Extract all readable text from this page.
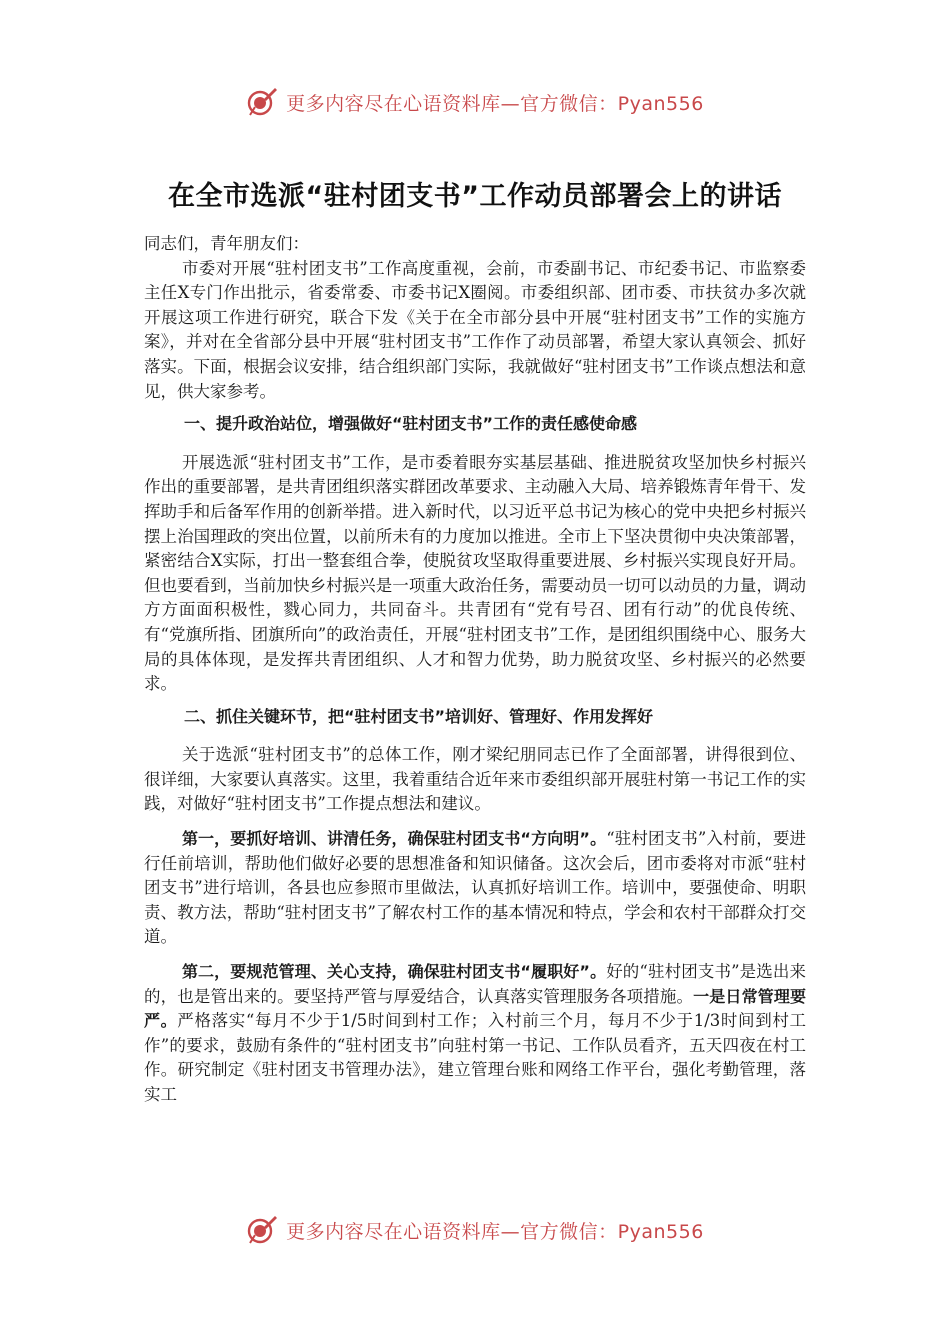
更多内容尽在心语资料库—官方微信：Pyan556
在全市选派“驻村团支书”工作动员部署会上的讲话

同志们，青年朋友们：

市委对开展“驻村团支书”工作高度重视，会前，市委副书记、市纪委书记、市监察委主任X专门作出批示，省委常委、市委书记X圈阅。市委组织部、团市委、市扶贫办多次就开展这项工作进行研究，联合下发《关于在全市部分县中开展“驻村团支书”工作的实施方案》，并对在全省部分县中开展“驻村团支书”工作作了动员部署，希望大家认真领会、抓好落实。下面，根据会议安排，结合组织部门实际，我就做好“驻村团支书”工作谈点想法和意见，供大家参考。

一、提升政治站位，增强做好“驻村团支书”工作的责任感使命感

开展选派“驻村团支书”工作，是市委着眼夯实基层基础、推进脱贫攻坚加快乡村振兴作出的重要部署，是共青团组织落实群团改革要求、主动融入大局、培养锻炼青年骨干、发挥助手和后备军作用的创新举措。进入新时代，以习近平总书记为核心的党中央把乡村振兴摆上治国理政的突出位置，以前所未有的力度加以推进。全市上下坚决贯彻中央决策部署，紧密结合X实际，打出一整套组合拳，使脱贫攻坚取得重要进展、乡村振兴实现良好开局。但也要看到，当前加快乡村振兴是一项重大政治任务，需要动员一切可以动员的力量，调动方方面面积极性，戮心同力，共同奋斗。共青团有“党有号召、团有行动”的优良传统、有“党旗所指、团旗所向”的政治责任，开展“驻村团支书”工作，是团组织围绕中心、服务大局的具体体现，是发挥共青团组织、人才和智力优势，助力脱贫攻坚、乡村振兴的必然要求。

二、抓住关键环节，把“驻村团支书”培训好、管理好、作用发挥好

关于选派“驻村团支书”的总体工作，刚才梁纪朋同志已作了全面部署，讲得很到位、很详细，大家要认真落实。这里，我着重结合近年来市委组织部开展驻村第一书记工作的实践，对做好“驻村团支书”工作提点想法和建议。

第一，要抓好培训、讲清任务，确保驻村团支书“方向明”。“驻村团支书”入村前，要进行任前培训，帮助他们做好必要的思想准备和知识储备。这次会后，团市委将对市派“驻村团支书”进行培训，各县也应参照市里做法，认真抓好培训工作。培训中，要强使命、明职责、教方法，帮助“驻村团支书”了解农村工作的基本情况和特点，学会和农村干部群众打交道。

第二，要规范管理、关心支持，确保驻村团支书“履职好”。好的“驻村团支书”是选出来的，也是管出来的。要坚持严管与厚爱结合，认真落实管理服务各项措施。一是日常管理要严。严格落实“每月不少于1/5时间到村工作；入村前三个月，每月不少于1/3时间到村工作”的要求，鼓励有条件的“驻村团支书”向驻村第一书记、工作队员看齐，五天四夜在村工作。研究制定《驻村团支书管理办法》，建立管理台账和网络工作平台，强化考勤管理，落实工

更多内容尽在心语资料库—官方微信：Pyan556
